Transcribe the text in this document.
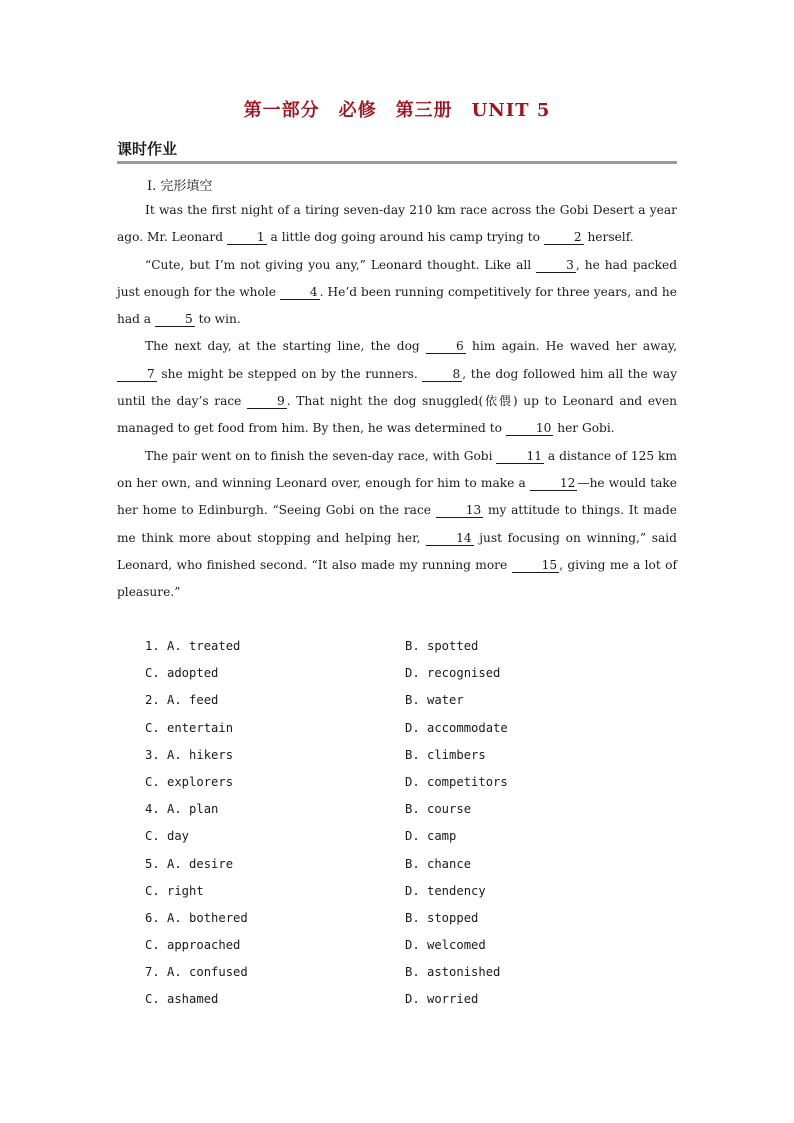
第一部分　必修　第三册　UNIT 5
课时作业
Ⅰ. 完形填空

It was the first night of a tiring seven-day 210 km race across the Gobi Desert a year ago. Mr. Leonard 1 a little dog going around his camp trying to 2 herself.

“Cute, but I’m not giving you any,” Leonard thought. Like all 3 , he had packed just enough for the whole 4 . He’d been running competitively for three years, and he had a 5 to win.

The next day, at the starting line, the dog 6 him again. He waved her away, 7 she might be stepped on by the runners. 8 , the dog followed him all the way until the day’s race 9 . That night the dog snuggled(依偎) up to Leonard and even managed to get food from him. By then, he was determined to 10 her Gobi.

The pair went on to finish the seven-day race, with Gobi 11 a distance of 125 km on her own, and winning Leonard over, enough for him to make a 12 —he would take her home to Edinburgh. “Seeing Gobi on the race 13 my attitude to things. It made me think more about stopping and helping her, 14 just focusing on winning,” said Leonard, who finished second. “It also made my running more 15 , giving me a lot of pleasure.”

1. A. treated	B. spotted
C. adopted	D. recognised
2. A. feed	B. water
C. entertain	D. accommodate
3. A. hikers	B. climbers
C. explorers	D. competitors
4. A. plan	B. course
C. day	D. camp
5. A. desire	B. chance
C. right	D. tendency
6. A. bothered	B. stopped
C. approached	D. welcomed
7. A. confused	B. astonished
C. ashamed	D. worried
